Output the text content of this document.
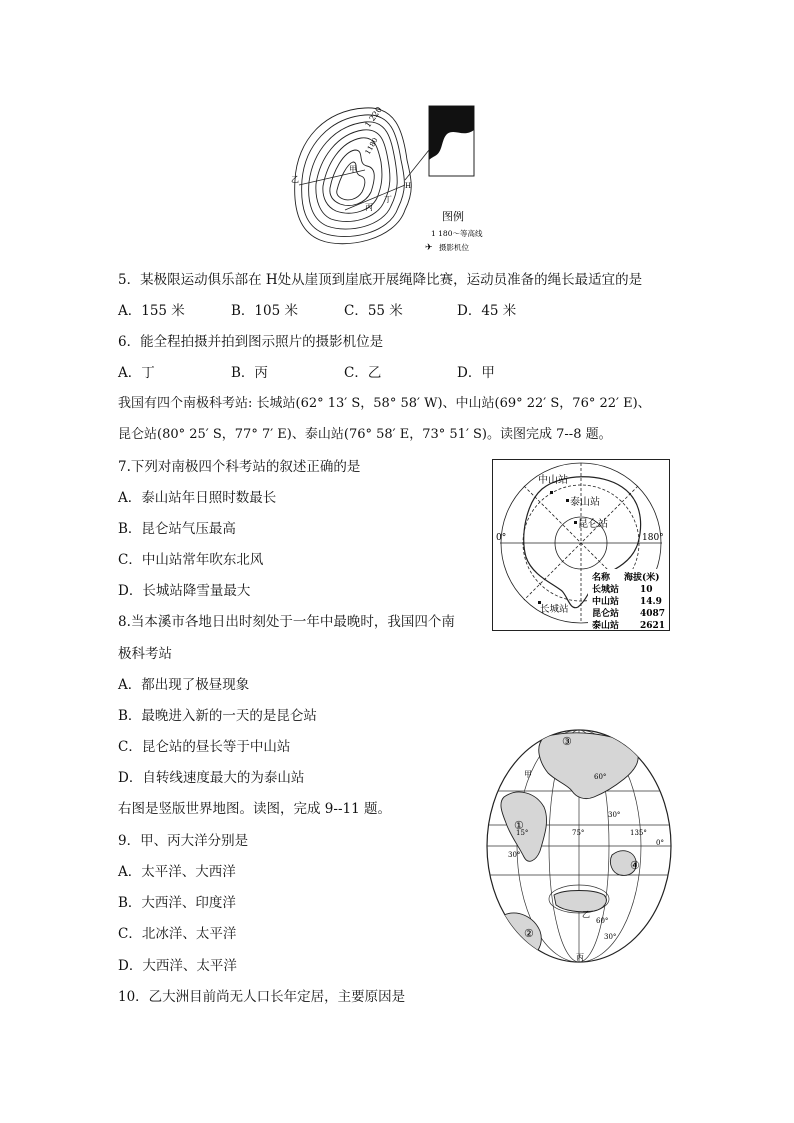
1 220
1180
甲
乙
丙
丁
H
图例
1 180～等高线
摄影机位
✈
5．某极限运动俱乐部在 H处从崖顶到崖底开展绳降比赛，运动员准备的绳长最适宜的是
A．155 米	B．105 米	C．55 米	D．45 米
6．能全程拍摄并拍到图示照片的摄影机位是
A．丁	B．丙	C．乙	D．甲
我国有四个南极科考站: 长城站(62° 13′ S，58° 58′ W)、中山站(69° 22′ S，76° 22′ E)、
昆仑站(80° 25′ S，77° 7′ E)、泰山站(76° 58′ E，73° 51′ S)。读图完成 7--8 题。
7.下列对南极四个科考站的叙述正确的是
A．泰山站年日照时数最长
B．昆仑站气压最高
C．中山站常年吹东北风
D．长城站降雪量最大
中山站
泰山站
昆仑站
0°	180°
长城站
名称 海拔(米)
长城站 10
中山站 14.9
昆仑站 4087
泰山站 2621
8.当本溪市各地日出时刻处于一年中最晚时，我国四个南
极科考站
A．都出现了极昼现象
B．最晚进入新的一天的是昆仑站
C．昆仑站的昼长等于中山站
D．自转线速度最大的为泰山站	甲
乙
丙
①
②
③
④
15°	75°	135°
0°
30°
30°
30°
60°
60°
右图是竖版世界地图。读图，完成 9--11 题。
9．甲、丙大洋分别是
A．太平洋、大西洋
B．大西洋、印度洋
C．北冰洋、太平洋
D．大西洋、太平洋
10．乙大洲目前尚无人口长年定居，主要原因是
